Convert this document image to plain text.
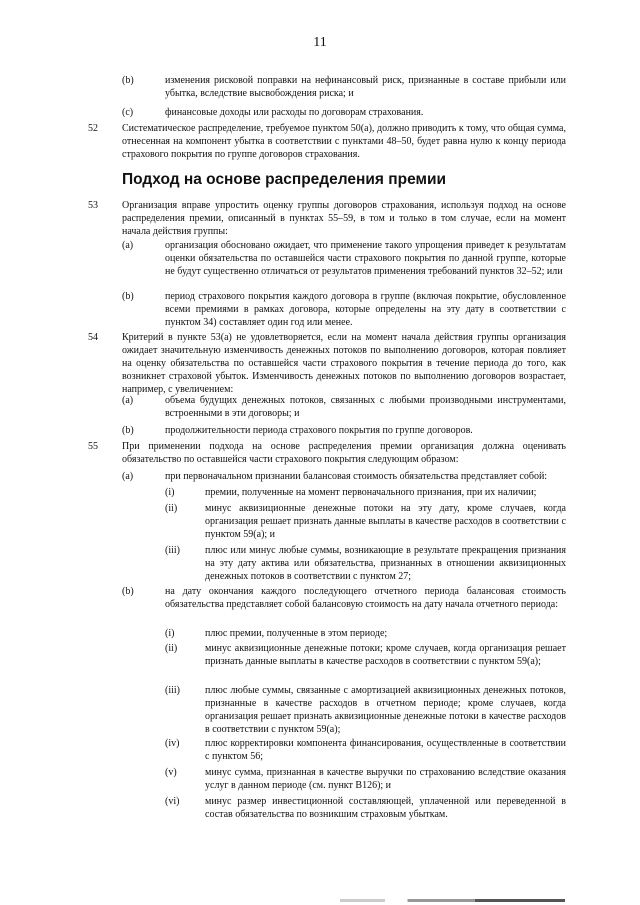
11
(b)	изменения рисковой поправки на нефинансовый риск, признанные в составе прибыли или убытка, вследствие высвобождения риска; и
(c)	финансовые доходы или расходы по договорам страхования.
52 Систематическое распределение, требуемое пунктом 50(а), должно приводить к тому, что общая сумма, отнесенная на компонент убытка в соответствии с пунктами 48–50, будет равна нулю к концу периода страхового покрытия по группе договоров страхования.
Подход на основе распределения премии
53 Организация вправе упростить оценку группы договоров страхования, используя подход на основе распределения премии, описанный в пунктах 55–59, в том и только в том случае, если на момент начала действия группы:
(a)	организация обосновано ожидает, что применение такого упрощения приведет к результатам оценки обязательства по оставшейся части страхового покрытия по данной группе, которые не будут существенно отличаться от результатов применения требований пунктов 32–52; или
(b)	период страхового покрытия каждого договора в группе (включая покрытие, обусловленное всеми премиями в рамках договора, которые определены на эту дату в соответствии с пунктом 34) составляет один год или менее.
54 Критерий в пункте 53(а) не удовлетворяется, если на момент начала действия группы организация ожидает значительную изменчивость денежных потоков по выполнению договоров, которая повлияет на оценку обязательства по оставшейся части страхового покрытия в течение периода до того, как возникнет страховой убыток. Изменчивость денежных потоков по выполнению договоров возрастает, например, с увеличением:
(a)	объема будущих денежных потоков, связанных с любыми производными инструментами, встроенными в эти договоры; и
(b)	продолжительности периода страхового покрытия по группе договоров.
55 При применении подхода на основе распределения премии организация должна оценивать обязательство по оставшейся части страхового покрытия следующим образом:
(a)	при первоначальном признании балансовая стоимость обязательства представляет собой:
(i)	премии, полученные на момент первоначального признания, при их наличии;
(ii)	минус аквизиционные денежные потоки на эту дату, кроме случаев, когда организация решает признать данные выплаты в качестве расходов в соответствии с пунктом 59(а); и
(iii)	плюс или минус любые суммы, возникающие в результате прекращения признания на эту дату актива или обязательства, признанных в отношении аквизиционных денежных потоков в соответствии с пунктом 27;
(b)	на дату окончания каждого последующего отчетного периода балансовая стоимость обязательства представляет собой балансовую стоимость на дату начала отчетного периода:
(i)	плюс премии, полученные в этом периоде;
(ii)	минус аквизиционные денежные потоки; кроме случаев, когда организация решает признать данные выплаты в качестве расходов в соответствии с пунктом 59(а);
(iii)	плюс любые суммы, связанные с амортизацией аквизиционных денежных потоков, признанные в качестве расходов в отчетном периоде; кроме случаев, когда организация решает признать аквизиционные денежные потоки в качестве расходов в соответствии с пунктом 59(а);
(iv)	плюс корректировки компонента финансирования, осуществленные в соответствии с пунктом 56;
(v)	минус сумма, признанная в качестве выручки по страхованию вследствие оказания услуг в данном периоде (см. пункт B126); и
(vi)	минус размер инвестиционной составляющей, уплаченной или переведенной в состав обязательства по возникшим страховым убыткам.
